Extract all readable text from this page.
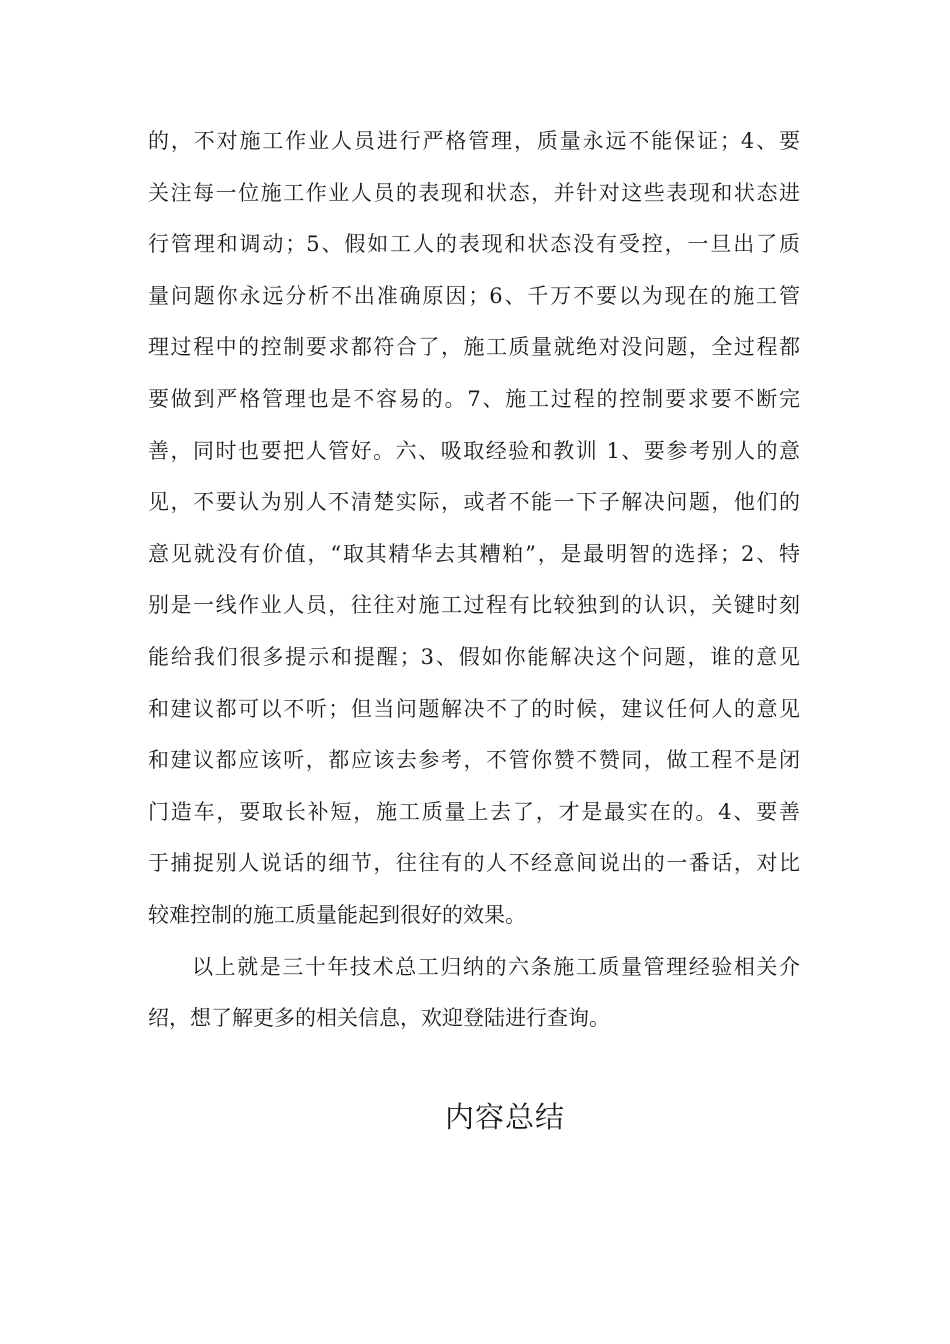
的，不对施工作业人员进行严格管理，质量永远不能保证；4、要
关注每一位施工作业人员的表现和状态，并针对这些表现和状态进
行管理和调动；5、假如工人的表现和状态没有受控，一旦出了质
量问题你永远分析不出准确原因；6、千万不要以为现在的施工管
理过程中的控制要求都符合了，施工质量就绝对没问题，全过程都
要做到严格管理也是不容易的。7、施工过程的控制要求要不断完
善，同时也要把人管好。六、吸取经验和教训 1、要参考别人的意
见，不要认为别人不清楚实际，或者不能一下子解决问题，他们的
意见就没有价值，“取其精华去其糟粕”，是最明智的选择；2、特
别是一线作业人员，往往对施工过程有比较独到的认识，关键时刻
能给我们很多提示和提醒；3、假如你能解决这个问题，谁的意见
和建议都可以不听；但当问题解决不了的时候，建议任何人的意见
和建议都应该听，都应该去参考，不管你赞不赞同，做工程不是闭
门造车，要取长补短，施工质量上去了，才是最实在的。4、要善
于捕捉别人说话的细节，往往有的人不经意间说出的一番话，对比
较难控制的施工质量能起到很好的效果。
以上就是三十年技术总工归纳的六条施工质量管理经验相关介
绍，想了解更多的相关信息，欢迎登陆进行查询。
内容总结
